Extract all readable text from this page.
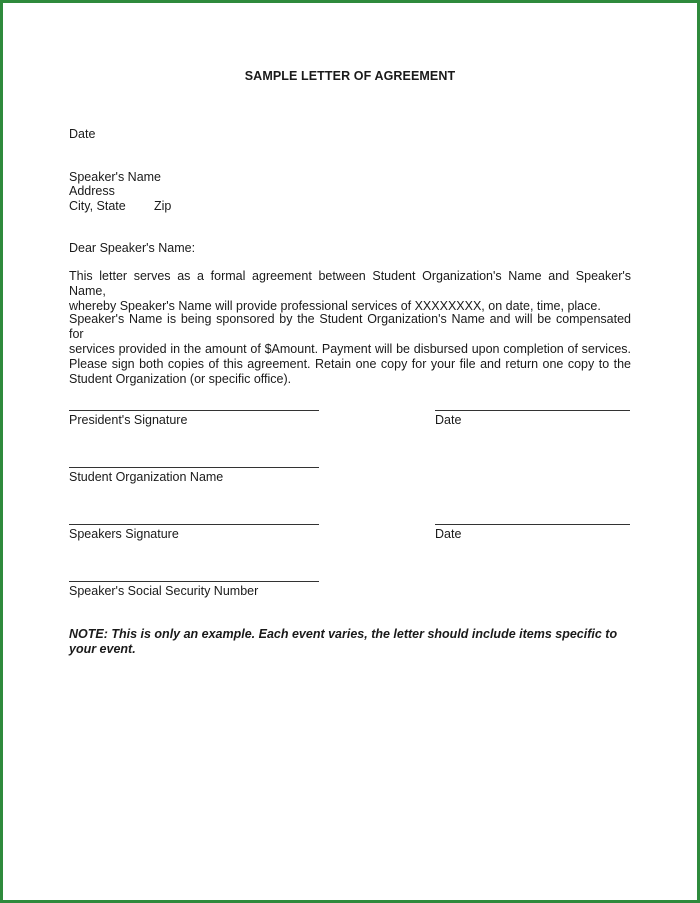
SAMPLE LETTER OF AGREEMENT
Date
Speaker's Name
Address
City, State Zip
Dear Speaker's Name:
This letter serves as a formal agreement between Student Organization's Name and Speaker's Name,
whereby Speaker's Name will provide professional services of XXXXXXXX, on date, time, place.
Speaker's Name is being sponsored by the Student Organization's Name and will be compensated for
services provided in the amount of $Amount. Payment will be disbursed upon completion of services.
Please sign both copies of this agreement. Retain one copy for your file and return one copy to the
Student Organization (or specific office).
President's Signature	Date
Student Organization Name
Speakers Signature	Date
Speaker's Social Security Number
NOTE: This is only an example. Each event varies, the letter should include items specific to
your event.
